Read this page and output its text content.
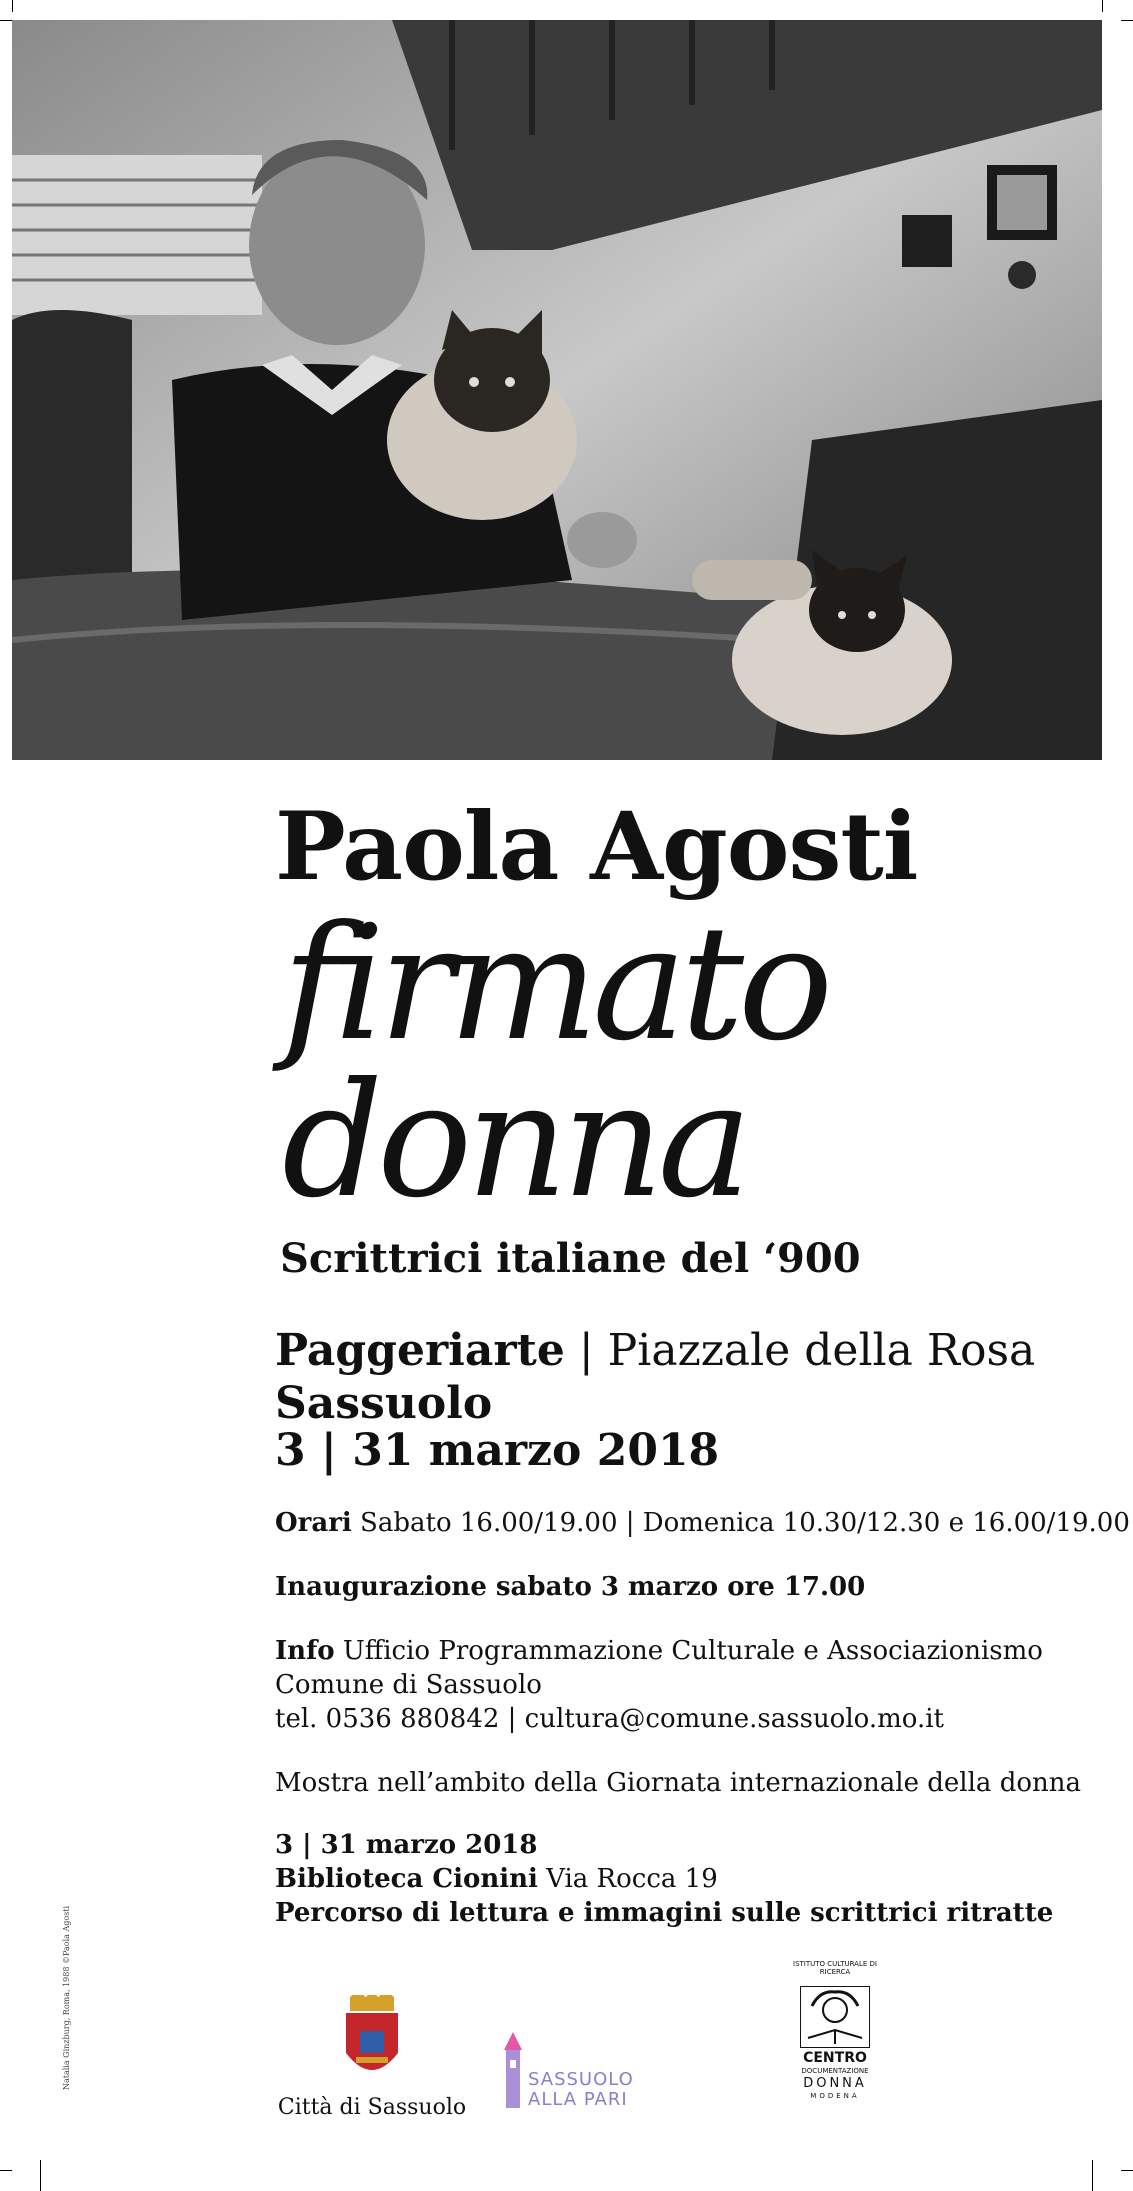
Paola Agosti
firmato
donna
Scrittrici italiane del ‘900
Paggeriarte | Piazzale della Rosa
Sassuolo
3 | 31 marzo 2018
Orari Sabato 16.00/19.00 | Domenica 10.30/12.30 e 16.00/19.00
Inaugurazione sabato 3 marzo ore 17.00
Info Ufficio Programmazione Culturale e Associazionismo
Comune di Sassuolo
tel. 0536 880842 | cultura@comune.sassuolo.mo.it
Mostra nell’ambito della Giornata internazionale della donna
3 | 31 marzo 2018
Biblioteca Cionini Via Rocca 19
Percorso di lettura e immagini sulle scrittrici ritratte
Natalia Ginzburg, Roma, 1988 ©Paola Agosti
Città di Sassuolo
SASSUOLO
ALLA PARI
ISTITUTO CULTURALE DI RICERCA
CENTRO
DOCUMENTAZIONE
DONNA
MODENA
